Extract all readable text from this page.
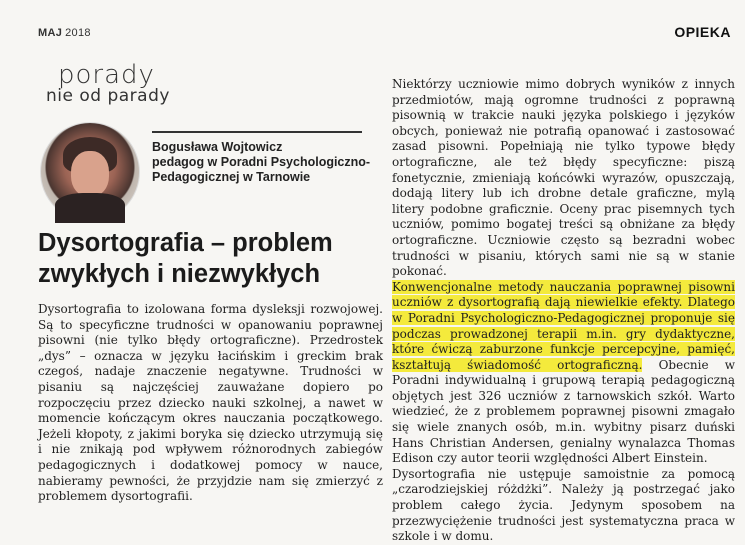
MAJ 2018	OPIEKA
porady
nie od parady
Bogusława Wojtowicz
pedagog w Poradni Psychologiczno-Pedagogicznej w Tarnowie
Dysortografia – problem zwykłych i niezwykłych

Dysortografia to izolowana forma dysleksji rozwojowej. Są to specyficzne trudności w opanowaniu poprawnej pisowni (nie tylko błędy ortograficzne). Przedrostek „dys” – oznacza w języku łacińskim i greckim brak czegoś, nadaje znaczenie negatywne. Trudności w pisaniu są najczęściej zauważane dopiero po rozpoczęciu przez dziecko nauki szkolnej, a nawet w momencie kończącym okres nauczania początkowego. Jeżeli kłopoty, z jakimi boryka się dziecko utrzymują się i nie znikają pod wpływem różnorodnych zabiegów pedagogicznych i dodatkowej pomocy w nauce, nabieramy pewności, że przyjdzie nam się zmierzyć z problemem dysortografii.

Niektórzy uczniowie mimo dobrych wyników z innych przedmiotów, mają ogromne trudności z poprawną pisownią w trakcie nauki języka polskiego i języków obcych, ponieważ nie potrafią opanować i zastosować zasad pisowni. Popełniają nie tylko typowe błędy ortograficzne, ale też błędy specyficzne: piszą fonetycznie, zmieniają końcówki wyrazów, opuszczają, dodają litery lub ich drobne detale graficzne, mylą litery podobne graficznie. Oceny prac pisemnych tych uczniów, pomimo bogatej treści są obniżane za błędy ortograficzne. Uczniowie często są bezradni wobec trudności w pisaniu, których sami nie są w stanie pokonać.

Konwencjonalne metody nauczania poprawnej pisowni uczniów z dysortografią dają niewielkie efekty. Dlatego w Poradni Psychologiczno-Pedagogicznej proponuje się podczas prowadzonej terapii m.in. gry dydaktyczne, które ćwiczą zaburzone funkcje percepcyjne, pamięć, kształtują świadomość ortograficzną. Obecnie w Poradni indywidualną i grupową terapią pedagogiczną objętych jest 326 uczniów z tarnowskich szkół. Warto wiedzieć, że z problemem poprawnej pisowni zmagało się wiele znanych osób, m.in. wybitny pisarz duński Hans Christian Andersen, genialny wynalazca Thomas Edison czy autor teorii względności Albert Einstein.

Dysortografia nie ustępuje samoistnie za pomocą „czarodziejskiej różdżki”. Należy ją postrzegać jako problem całego życia. Jedynym sposobem na przezwyciężenie trudności jest systematyczna praca w szkole i w domu.
